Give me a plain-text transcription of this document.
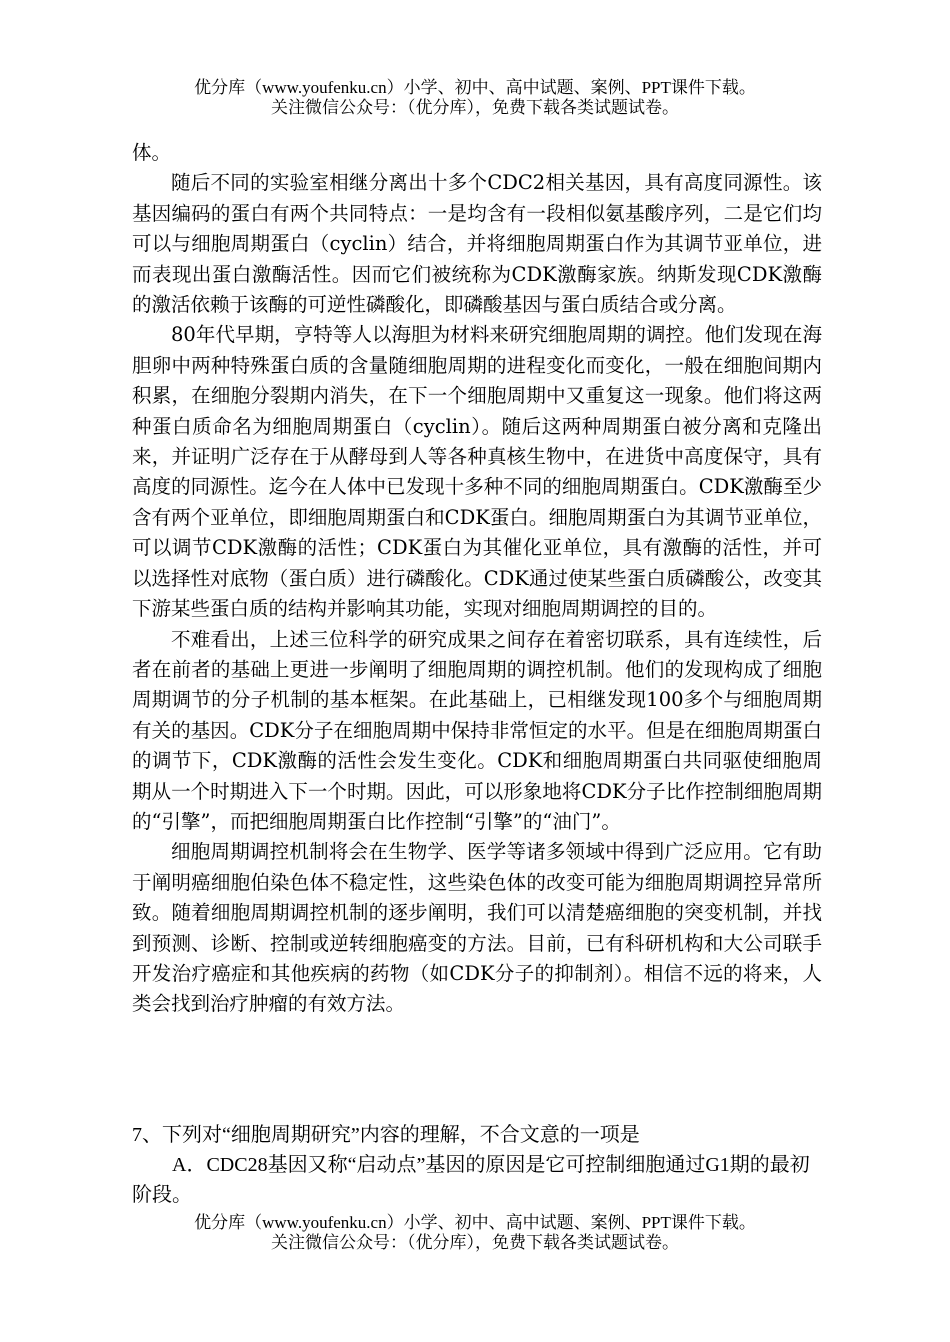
优分库（www.youfenku.cn）小学、初中、高中试题、案例、PPT课件下载。
关注微信公众号：（优分库），免费下载各类试题试卷。

体。

随后不同的实验室相继分离出十多个CDC2相关基因，具有高度同源性。该基因编码的蛋白有两个共同特点：一是均含有一段相似氨基酸序列，二是它们均可以与细胞周期蛋白（cyclin）结合，并将细胞周期蛋白作为其调节亚单位，进而表现出蛋白激酶活性。因而它们被统称为CDK激酶家族。纳斯发现CDK激酶的激活依赖于该酶的可逆性磷酸化，即磷酸基因与蛋白质结合或分离。

80年代早期，亨特等人以海胆为材料来研究细胞周期的调控。他们发现在海胆卵中两种特殊蛋白质的含量随细胞周期的进程变化而变化，一般在细胞间期内积累，在细胞分裂期内消失，在下一个细胞周期中又重复这一现象。他们将这两种蛋白质命名为细胞周期蛋白（cyclin）。随后这两种周期蛋白被分离和克隆出来，并证明广泛存在于从酵母到人等各种真核生物中，在进货中高度保守，具有高度的同源性。迄今在人体中已发现十多种不同的细胞周期蛋白。CDK激酶至少含有两个亚单位，即细胞周期蛋白和CDK蛋白。细胞周期蛋白为其调节亚单位，可以调节CDK激酶的活性；CDK蛋白为其催化亚单位，具有激酶的活性，并可以选择性对底物（蛋白质）进行磷酸化。CDK通过使某些蛋白质磷酸公，改变其下游某些蛋白质的结构并影响其功能，实现对细胞周期调控的目的。

不难看出，上述三位科学的研究成果之间存在着密切联系，具有连续性，后者在前者的基础上更进一步阐明了细胞周期的调控机制。他们的发现构成了细胞周期调节的分子机制的基本框架。在此基础上，已相继发现100多个与细胞周期有关的基因。CDK分子在细胞周期中保持非常恒定的水平。但是在细胞周期蛋白的调节下，CDK激酶的活性会发生变化。CDK和细胞周期蛋白共同驱使细胞周期从一个时期进入下一个时期。因此，可以形象地将CDK分子比作控制细胞周期的“引擎”，而把细胞周期蛋白比作控制“引擎”的“油门”。

细胞周期调控机制将会在生物学、医学等诸多领域中得到广泛应用。它有助于阐明癌细胞伯染色体不稳定性，这些染色体的改变可能为细胞周期调控异常所致。随着细胞周期调控机制的逐步阐明，我们可以清楚癌细胞的突变机制，并找到预测、诊断、控制或逆转细胞癌变的方法。目前，已有科研机构和大公司联手开发治疗癌症和其他疾病的药物（如CDK分子的抑制剂）。相信不远的将来，人类会找到治疗肿瘤的有效方法。

7、下列对“细胞周期研究”内容的理解，不合文意的一项是

A．CDC28基因又称“启动点”基因的原因是它可控制细胞通过G1期的最初阶段。

优分库（www.youfenku.cn）小学、初中、高中试题、案例、PPT课件下载。
关注微信公众号：（优分库），免费下载各类试题试卷。
